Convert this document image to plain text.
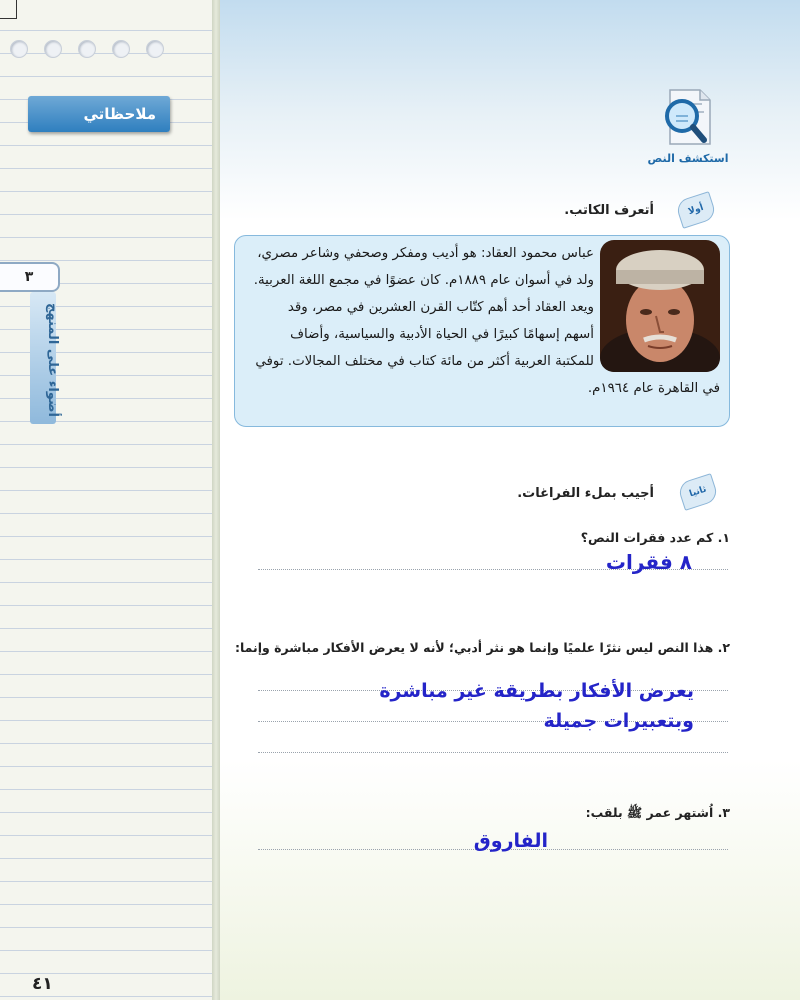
ملاحظاتي
٣
أضواء على المنهج
٤١
استكشف النص
أولا
أتعرف الكاتب.

عباس محمود العقاد: هو أديب ومفكر وصحفي وشاعر مصري،

ولد في أسوان عام ١٨٨٩م. كان عضوًا في مجمع اللغة العربية.

ويعد العقاد أحد أهم كتّاب القرن العشرين في مصر، وقد

أسهم إسهامًا كبيرًا في الحياة الأدبية والسياسية، وأضاف

للمكتبة العربية أكثر من مائة كتاب في مختلف المجالات. توفي

في القاهرة عام ١٩٦٤م.

ثانيا
أجيب بملء الفراغات.
١. كم عدد فقرات النص؟
٨ فقرات
٢. هذا النص ليس نثرًا علميًا وإنما هو نثر أدبي؛ لأنه لا يعرض الأفكار مباشرة وإنما:
يعرض الأفكار بطريقة غير مباشرة وبتعبيرات جميلة
٣. اُشتهر عمر ﷺ بلقب:
الفاروق
